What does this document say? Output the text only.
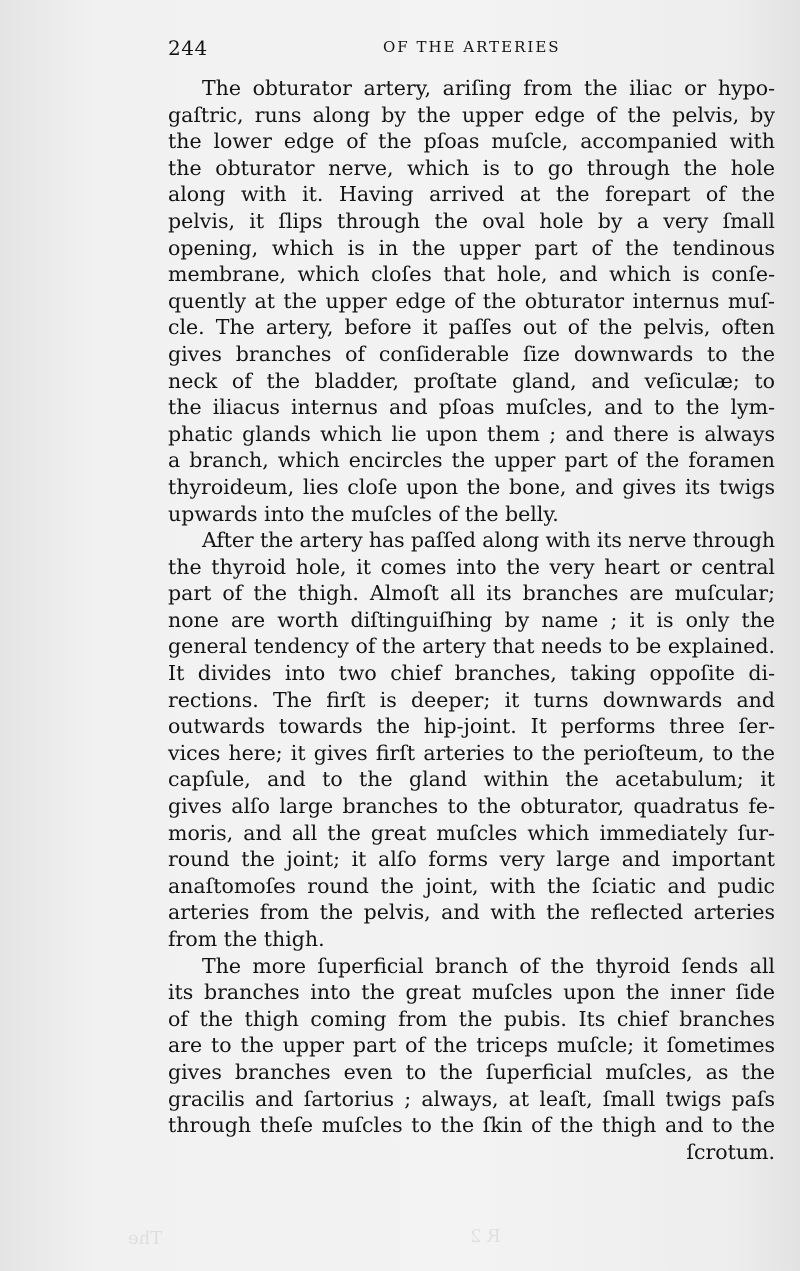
The	R 2
244	OF THE ARTERIES
The obturator artery, ariſing from the iliac or hypo-
gaſtric, runs along by the upper edge of the pelvis, by
the lower edge of the pſoas muſcle, accompanied with
the obturator nerve, which is to go through the hole
along with it. Having arrived at the forepart of the
pelvis, it ſlips through the oval hole by a very ſmall
opening, which is in the upper part of the tendinous
membrane, which cloſes that hole, and which is conſe-
quently at the upper edge of the obturator internus muſ-
cle. The artery, before it paſſes out of the pelvis, often
gives branches of conſiderable ſize downwards to the
neck of the bladder, proſtate gland, and veſiculæ; to
the iliacus internus and pſoas muſcles, and to the lym-
phatic glands which lie upon them ; and there is always
a branch, which encircles the upper part of the foramen
thyroideum, lies cloſe upon the bone, and gives its twigs
upwards into the muſcles of the belly.
After the artery has paſſed along with its nerve through
the thyroid hole, it comes into the very heart or central
part of the thigh. Almoſt all its branches are muſcular;
none are worth diſtinguiſhing by name ; it is only the
general tendency of the artery that needs to be explained.
It divides into two chief branches, taking oppoſite di-
rections. The firſt is deeper; it turns downwards and
outwards towards the hip-joint. It performs three ſer-
vices here; it gives firſt arteries to the perioſteum, to the
capſule, and to the gland within the acetabulum; it
gives alſo large branches to the obturator, quadratus fe-
moris, and all the great muſcles which immediately ſur-
round the joint; it alſo forms very large and important
anaſtomoſes round the joint, with the ſciatic and pudic
arteries from the pelvis, and with the reflected arteries
from the thigh.
The more ſuperficial branch of the thyroid ſends all
its branches into the great muſcles upon the inner ſide
of the thigh coming from the pubis. Its chief branches
are to the upper part of the triceps muſcle; it ſometimes
gives branches even to the ſuperficial muſcles, as the
gracilis and ſartorius ; always, at leaſt, ſmall twigs paſs
through theſe muſcles to the ſkin of the thigh and to the
ſcrotum.
